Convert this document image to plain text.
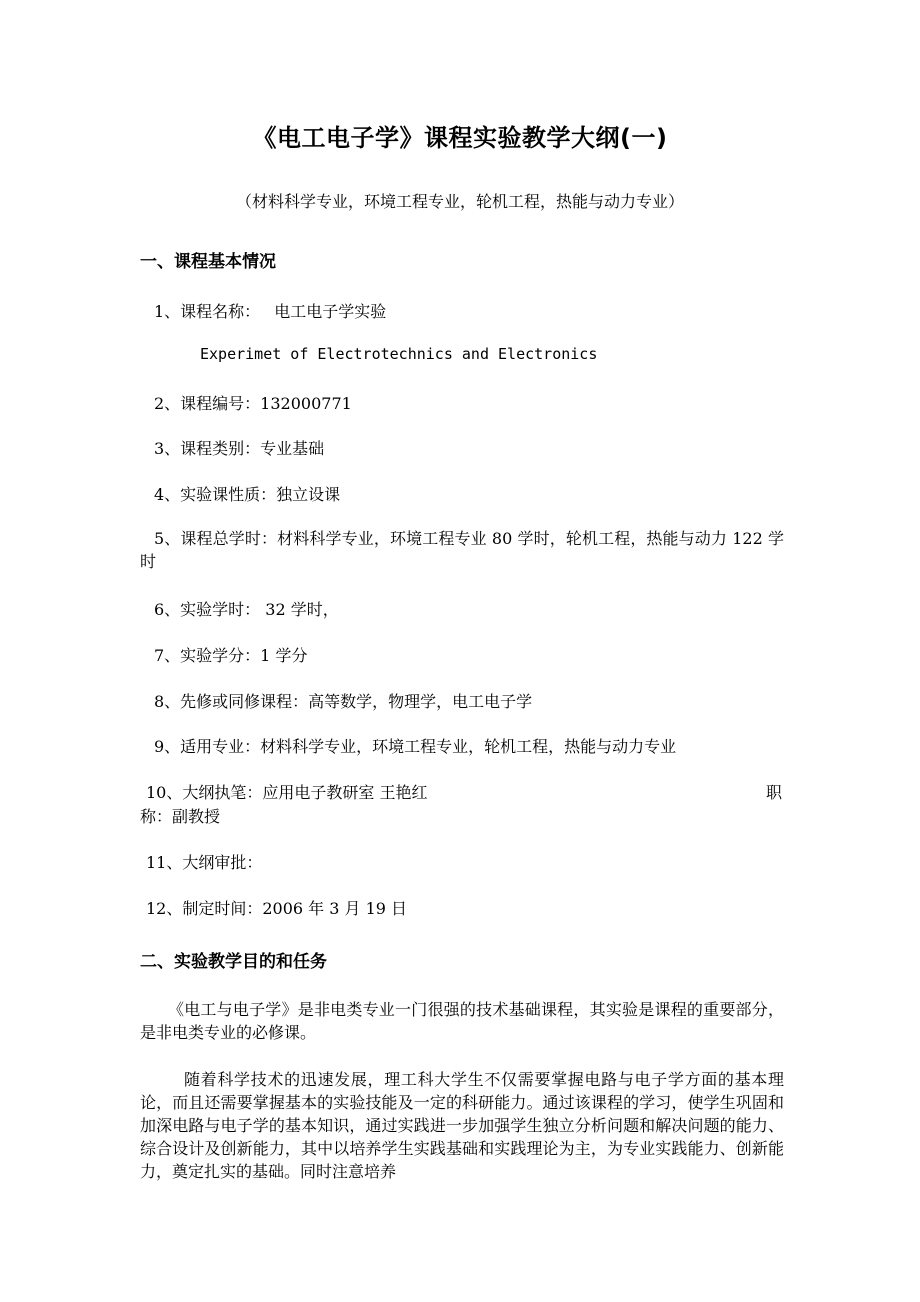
《电工电子学》课程实验教学大纲(一)
（材料科学专业，环境工程专业，轮机工程，热能与动力专业）
一、课程基本情况
1、课程名称： 电工电子学实验
Experimet of Electrotechnics and Electronics
2、课程编号：132000771
3、课程类别：专业基础
4、实验课性质：独立设课
5、课程总学时：材料科学专业，环境工程专业 80 学时，轮机工程，热能与动力 122 学时
6、实验学时： 32 学时，
7、实验学分：1 学分
8、先修或同修课程：高等数学，物理学，电工电子学
9、适用专业：材料科学专业，环境工程专业，轮机工程，热能与动力专业
10、大纲执笔：应用电子教研室 王艳红	职
称：副教授
11、大纲审批：
12、制定时间：2006 年 3 月 19 日
二、实验教学目的和任务
《电工与电子学》是非电类专业一门很强的技术基础课程，其实验是课程的重要部分，是非电类专业的必修课。
随着科学技术的迅速发展，理工科大学生不仅需要掌握电路与电子学方面的基本理论，而且还需要掌握基本的实验技能及一定的科研能力。通过该课程的学习，使学生巩固和加深电路与电子学的基本知识，通过实践进一步加强学生独立分析问题和解决问题的能力、综合设计及创新能力，其中以培养学生实践基础和实践理论为主，为专业实践能力、创新能力，奠定扎实的基础。同时注意培养
